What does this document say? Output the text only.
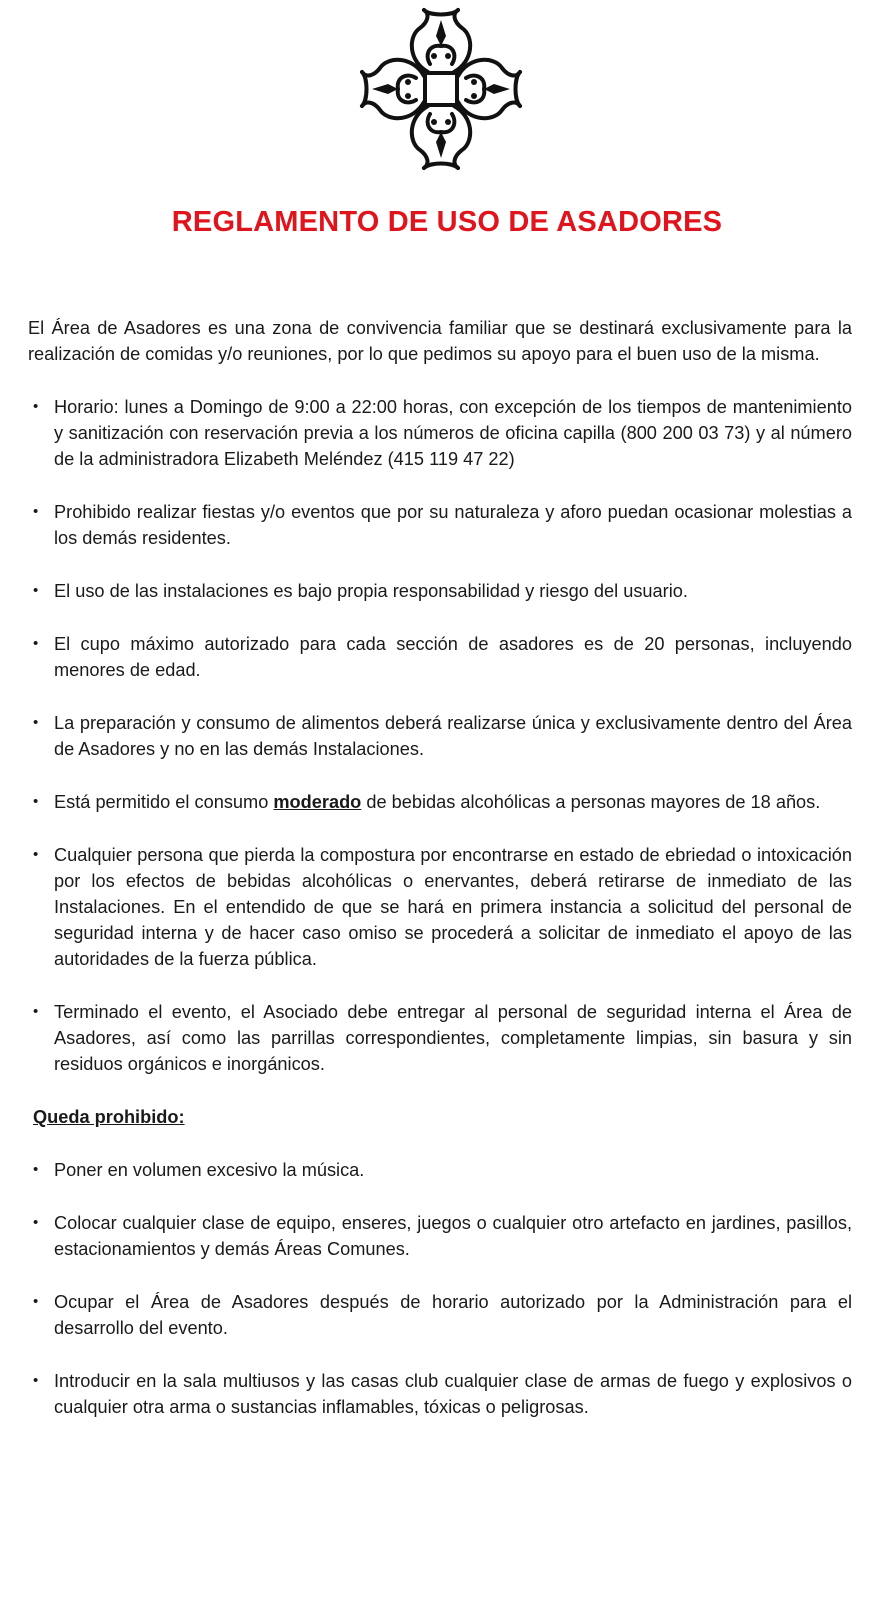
REGLAMENTO DE USO DE ASADORES

El Área de Asadores es una zona de convivencia familiar que se destinará exclusivamente para la realización de comidas y/o reuniones, por lo que pedimos su apoyo para el buen uso de la misma.

• Horario: lunes a Domingo de 9:00 a 22:00 horas, con excepción de los tiempos de mantenimiento y sanitización con reservación previa a los números de oficina capilla (800 200 03 73) y al número de la administradora Elizabeth Meléndez (415 119 47 22)
• Prohibido realizar fiestas y/o eventos que por su naturaleza y aforo puedan ocasionar molestias a los demás residentes.
• El uso de las instalaciones es bajo propia responsabilidad y riesgo del usuario.
• El cupo máximo autorizado para cada sección de asadores es de 20 personas, incluyendo menores de edad.
• La preparación y consumo de alimentos deberá realizarse única y exclusivamente dentro del Área de Asadores y no en las demás Instalaciones.
• Está permitido el consumo moderado de bebidas alcohólicas a personas mayores de 18 años.
• Cualquier persona que pierda la compostura por encontrarse en estado de ebriedad o intoxicación por los efectos de bebidas alcohólicas o enervantes, deberá retirarse de inmediato de las Instalaciones. En el entendido de que se hará en primera instancia a solicitud del personal de seguridad interna y de hacer caso omiso se procederá a solicitar de inmediato el apoyo de las autoridades de la fuerza pública.
• Terminado el evento, el Asociado debe entregar al personal de seguridad interna el Área de Asadores, así como las parrillas correspondientes, completamente limpias, sin basura y sin residuos orgánicos e inorgánicos.

Queda prohibido:

• Poner en volumen excesivo la música.
• Colocar cualquier clase de equipo, enseres, juegos o cualquier otro artefacto en jardines, pasillos, estacionamientos y demás Áreas Comunes.
• Ocupar el Área de Asadores después de horario autorizado por la Administración para el desarrollo del evento.
• Introducir en la sala multiusos y las casas club cualquier clase de armas de fuego y explosivos o cualquier otra arma o sustancias inflamables, tóxicas o peligrosas.
